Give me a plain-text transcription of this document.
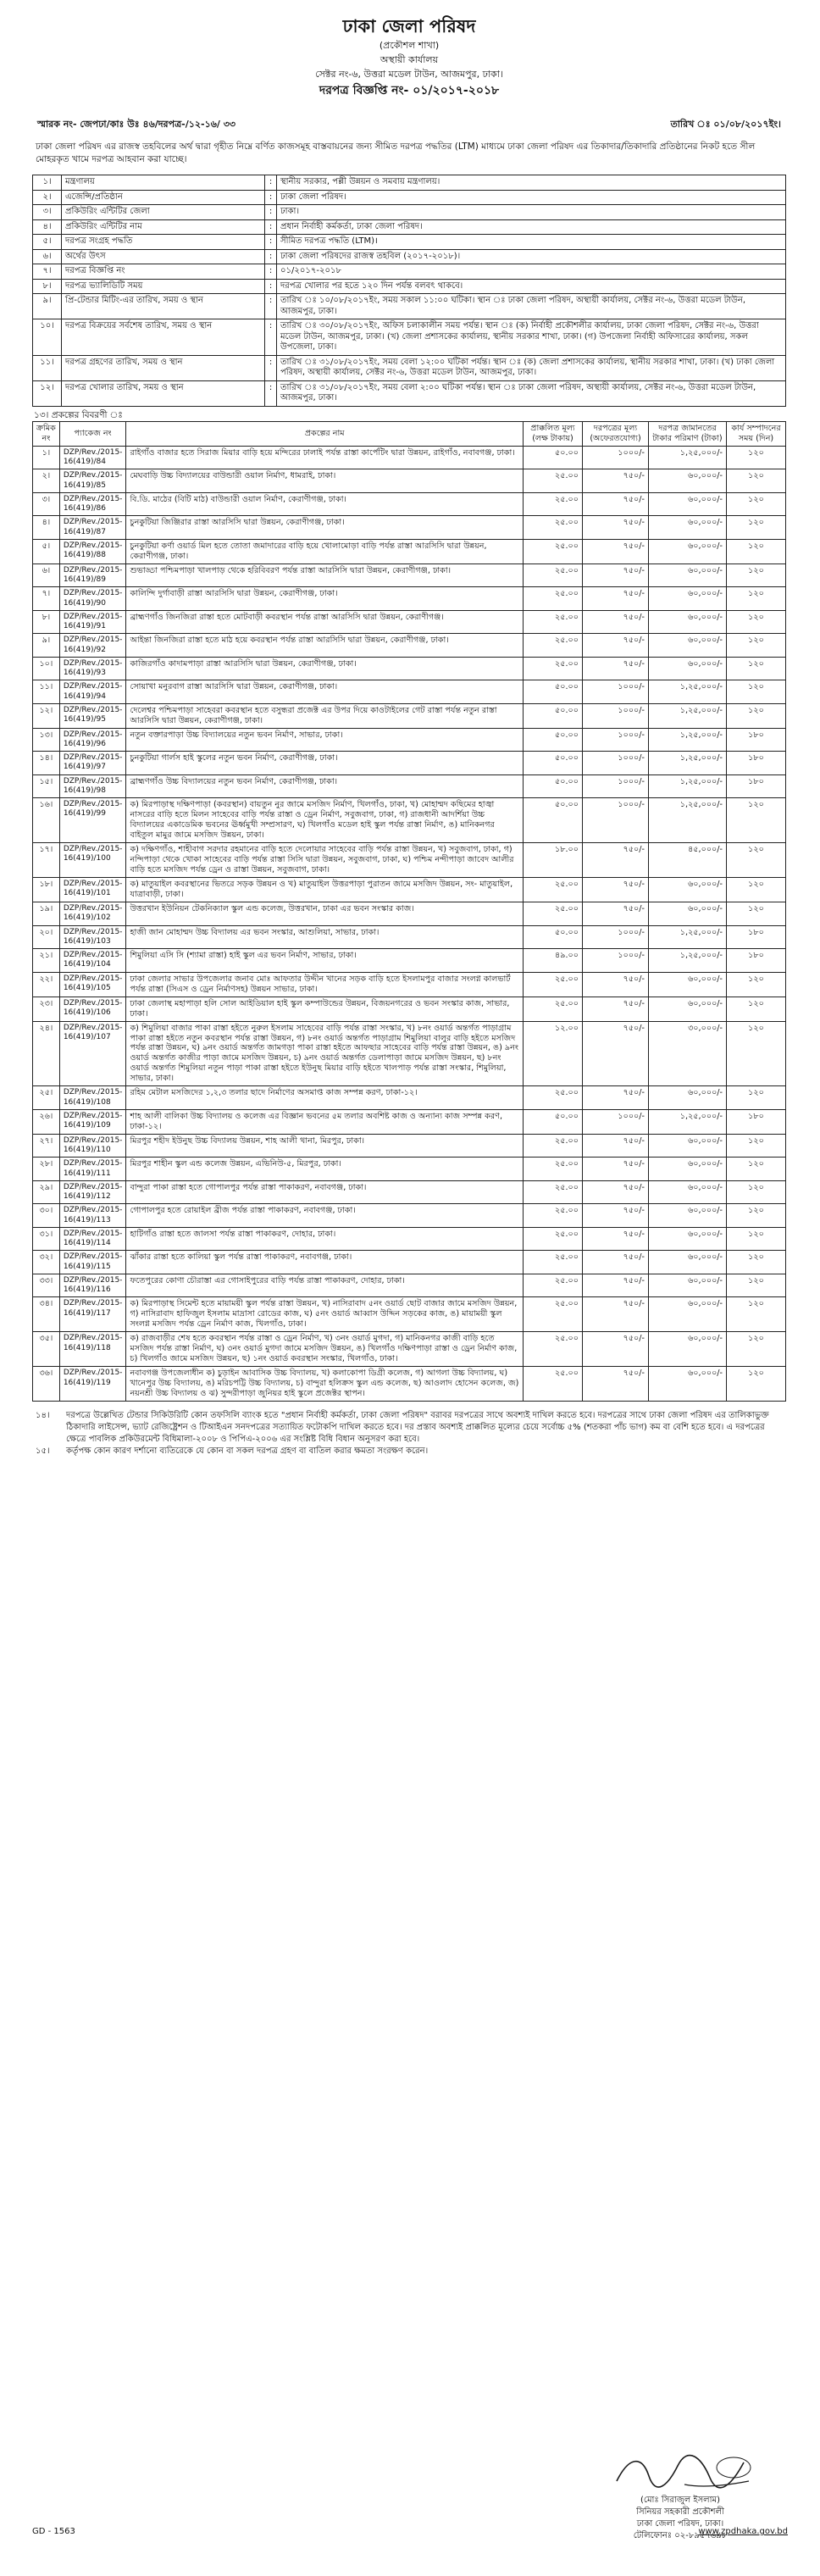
ঢাকা জেলা পরিষদ
(প্রকৌশল শাখা)
অস্থায়ী কার্যালয়
সেক্টর নং-৬, উত্তরা মডেল টাউন, আজমপুর, ঢাকা।
দরপত্র বিজ্ঞপ্তি নং- ০১/২০১৭-২০১৮
স্মারক নং- জেপঢা/কাঃ উঃ ৪৬/দরপত্র-/১২-১৬/ ৩৩	তারিখ ঃ ০১/০৮/২০১৭ইং।
ঢাকা জেলা পরিষদ এর রাজস্ব তহবিলের অর্থ দ্বারা গৃহীত নিম্নে বর্ণিত কাজসমূহ বাস্তবায়নের জন্য সীমিত দরপত্র পদ্ধতির (LTM) মাধ্যমে ঢাকা জেলা পরিষদ এর তিকাদার/তিকাদারি প্রতিষ্ঠানের নিকট হতে সীল মোহরকৃত খামে দরপত্র আহবান করা যাচ্ছে।
১।	মন্ত্রণালয়	:	স্থানীয় সরকার, পল্লী উন্নয়ন ও সমবায় মন্ত্রণালয়।
২।	এজেন্সি/প্রতিষ্ঠান	:	ঢাকা জেলা পরিষদ।
৩।	প্রকিউরিং এন্টিটির জেলা	:	ঢাকা।
৪।	প্রকিউরিং এন্টিটির নাম	:	প্রধান নির্বাহী কর্মকর্তা, ঢাকা জেলা পরিষদ।
৫।	দরপত্র সংগ্রহ পদ্ধতি	:	সীমিত দরপত্র পদ্ধতি (LTM)।
৬।	অর্থের উৎস	:	ঢাকা জেলা পরিষদের রাজস্ব তহবিল (২০১৭-২০১৮)।
৭।	দরপত্র বিজ্ঞপ্তি নং	:	০১/২০১৭-২০১৮
৮।	দরপত্র ভ্যালিডিটি সময়	:	দরপত্র খোলার পর হতে ১২০ দিন পর্যন্ত বলবৎ থাকবে।
৯।	প্রি-টেন্ডার মিটিং-এর তারিখ, সময় ও স্থান	:	তারিখ ঃ ১০/০৮/২০১৭ইং, সময় সকাল ১১:০০ ঘটিকা। স্থান ঃ ঢাকা জেলা পরিষদ, অস্থায়ী কার্যালয়, সেক্টর নং-৬, উত্তরা মডেল টাউন, আজমপুর, ঢাকা।
১০।	দরপত্র বিক্রয়ের সর্বশেষ তারিখ, সময় ও স্থান	:	তারিখ ঃ ৩০/০৮/২০১৭ইং, অফিস চলাকালীন সময় পর্যন্ত। স্থান ঃ (ক) নির্বাহী প্রকৌশলীর কার্যালয়, ঢাকা জেলা পরিষদ, সেক্টর নং-৬, উত্তরা মডেল টাউন, আজমপুর, ঢাকা। (খ) জেলা প্রশাসকের কার্যালয়, স্থানীয় সরকার শাখা, ঢাকা। (গ) উপজেলা নির্বাহী অফিসারের কার্যালয়, সকল উপজেলা, ঢাকা।
১১।	দরপত্র গ্রহণের তারিখ, সময় ও স্থান	:	তারিখ ঃ ৩১/০৮/২০১৭ইং, সময় বেলা ১২:০০ ঘটিকা পর্যন্ত। স্থান ঃ (ক) জেলা প্রশাসকের কার্যালয়, স্থানীয় সরকার শাখা, ঢাকা। (খ) ঢাকা জেলা পরিষদ, অস্থায়ী কার্যালয়, সেক্টর নং-৬, উত্তরা মডেল টাউন, আজমপুর, ঢাকা।
১২।	দরপত্র খোলার তারিখ, সময় ও স্থান	:	তারিখ ঃ ৩১/০৮/২০১৭ইং, সময় বেলা ২:০০ ঘটিকা পর্যন্ত। স্থান ঃ ঢাকা জেলা পরিষদ, অস্থায়ী কার্যালয়, সেক্টর নং-৬, উত্তরা মডেল টাউন, আজমপুর, ঢাকা।
১৩। প্রকল্পের বিবরণী ঃ
ক্রমিক নং	প্যাকেজ নং	প্রকল্পের নাম	প্রাক্কলিত মূল্য (লক্ষ টাকায়)	দরপত্রের মূল্য (অফেরতযোগ্য)	দরপত্র জামানতের টাকার পরিমাণ (টাকা)	কার্য সম্পাদনের সময় (দিন)
১।	DZP/Rev./2015-16(419)/84	রাইগাঁও বাজার হতে সিরাজ মিয়ার বাড়ি হয়ে মন্দিরের ঢালাই পর্যন্ত রাস্তা কার্পেটিং দ্বারা উন্নয়ন, রাইগাঁও, নবাবগঞ্জ, ঢাকা।	৫০.০০	১০০০/-	১,২৫,০০০/-	১২০
২।	DZP/Rev./2015-16(419)/85	মেঘবাড়ি উচ্চ বিদ্যালয়ের বাউন্ডারী ওয়াল নির্মাণ, ধামরাই, ঢাকা।	২৫.০০	৭৫০/-	৬০,০০০/-	১২০
৩।	DZP/Rev./2015-16(419)/86	বি.ডি. মাঠের (বিটি মাঠ) বাউন্ডারী ওয়াল নির্মাণ, কেরাণীগঞ্জ, ঢাকা।	২৫.০০	৭৫০/-	৬০,০০০/-	১২০
৪।	DZP/Rev./2015-16(419)/87	চুনকুটিয়া জিঞ্জিরার রাস্তা আরসিসি দ্বারা উন্নয়ন, কেরাণীগঞ্জ, ঢাকা।	২৫.০০	৭৫০/-	৬০,০০০/-	১২০
৫।	DZP/Rev./2015-16(419)/88	চুনকুটিয়া কর্ণা ওয়ার্ড মিল হতে তোতা জমাদারের বাড়ি হয়ে খোলামোড়া বাড়ি পর্যন্ত রাস্তা আরসিসি দ্বারা উন্নয়ন, কেরাণীগঞ্জ, ঢাকা।	২৫.০০	৭৫০/-	৬০,০০০/-	১২০
৬।	DZP/Rev./2015-16(419)/89	শুভাড্ডা পশ্চিমপাড়া খালপাড় থেকে হরিবিবরণ পর্যন্ত রাস্তা আরসিসি দ্বারা উন্নয়ন, কেরাণীগঞ্জ, ঢাকা।	২৫.০০	৭৫০/-	৬০,০০০/-	১২০
৭।	DZP/Rev./2015-16(419)/90	কালিন্দি দুর্গাবাড়ী রাস্তা আরসিসি দ্বারা উন্নয়ন, কেরাণীগঞ্জ, ঢাকা।	২৫.০০	৭৫০/-	৬০,০০০/-	১২০
৮।	DZP/Rev./2015-16(419)/91	ব্রাহ্মণগাঁও জিনজিরা রাস্তা হতে মোটবাড়ী কবরস্থান পর্যন্ত রাস্তা আরসিসি দ্বারা উন্নয়ন, কেরাণীগঞ্জ।	২৫.০০	৭৫০/-	৬০,০০০/-	১২০
৯।	DZP/Rev./2015-16(419)/92	আইন্তা জিনজিরা রাস্তা হতে মাঠ হয়ে কবরস্থান পর্যন্ত রাস্তা আরসিসি দ্বারা উন্নয়ন, কেরাণীগঞ্জ, ঢাকা।	২৫.০০	৭৫০/-	৬০,০০০/-	১২০
১০।	DZP/Rev./2015-16(419)/93	কাজিরগাঁও কাদামপাড়া রাস্তা আরসিসি দ্বারা উন্নয়ন, কেরাণীগঞ্জ, ঢাকা।	২৫.০০	৭৫০/-	৬০,০০০/-	১২০
১১।	DZP/Rev./2015-16(419)/94	সোয়াখা মনুরবাগ রাস্তা আরসিসি দ্বারা উন্নয়ন, কেরাণীগঞ্জ, ঢাকা।	৫০.০০	১০০০/-	১,২৫,০০০/-	১২০
১২।	DZP/Rev./2015-16(419)/95	দেলেশ্বর পশ্চিমপাড়া সাহেবরা কবরস্থান হতে বসুন্ধরা প্রজেক্ট এর উপর দিয়ে কাওটাইলের গেট রাস্তা পর্যন্ত নতুন রাস্তা আরসিসি দ্বারা উন্নয়ন, কেরাণীগঞ্জ, ঢাকা।	৫০.০০	১০০০/-	১,২৫,০০০/-	১২০
১৩।	DZP/Rev./2015-16(419)/96	নতুন বক্তারপাড়া উচ্চ বিদ্যালয়ের নতুন ভবন নির্মাণ, সাভার, ঢাকা।	৫০.০০	১০০০/-	১,২৫,০০০/-	১৮০
১৪।	DZP/Rev./2015-16(419)/97	চুনকুটিয়া গার্লস হাই স্কুলের নতুন ভবন নির্মাণ, কেরাণীগঞ্জ, ঢাকা।	৫০.০০	১০০০/-	১,২৫,০০০/-	১৮০
১৫।	DZP/Rev./2015-16(419)/98	ব্রাহ্মণগাঁও উচ্চ বিদ্যালয়ের নতুন ভবন নির্মাণ, কেরাণীগঞ্জ, ঢাকা।	৫০.০০	১০০০/-	১,২৫,০০০/-	১৮০
১৬।	DZP/Rev./2015-16(419)/99	ক) মিরপাড়াস্থ দক্ষিণপাড়া (কবরস্থান) বায়তুন নুর জামে মসজিদ নির্মাণ, খিলগাঁও, ঢাকা, খ) মোহাম্মদ কছিমের হাজ্বা নাসরের বাড়ি হতে মিলন সাহেবের বাড়ি পর্যন্ত রাস্তা ও ড্রেন নির্মাণ, সবুজবাগ, ঢাকা, গ) রাজধানী আদর্শিয়া উচ্চ বিদ্যালয়ের একাডেমিক ভবনের ঊর্ধ্বমুখী সম্প্রসারণ, ঘ) খিলগাঁও মডেল হাই স্কুল পর্যন্ত রাস্তা নির্মাণ, ঙ) মানিকনগর বাইতুল মামুর জামে মসজিদ উন্নয়ন, ঢাকা।	৫০.০০	১০০০/-	১,২৫,০০০/-	১২০
১৭।	DZP/Rev./2015-16(419)/100	ক) দক্ষিণগাঁও, শাহীবাগ সরদার রহমানের বাড়ি হতে দেলোয়ার সাহেবের বাড়ি পর্যন্ত রাস্তা উন্নয়ন, খ) সবুজবাগ, ঢাকা, গ) নন্দিপাড়া থেকে খোকা সাহেবের বাড়ি পর্যন্ত রাস্তা সিসি দ্বারা উন্নয়ন, সবুজবাগ, ঢাকা, ঘ) পশ্চিম নন্দীপাড়া জাবেদ আলীর বাড়ি হতে মসজিদ পর্যন্ত ড্রেন ও রাস্তা উন্নয়ন, সবুজবাগ, ঢাকা।	১৮.০০	৭৫০/-	৪৫,০০০/-	১২০
১৮।	DZP/Rev./2015-16(419)/101	ক) মাতুয়াইল কবরস্থানের ভিতরে সড়ক উন্নয়ন ও খ) মাতুয়াইল উত্তরপাড়া পুরাতন জামে মসজিদ উন্নয়ন, সং- মাতুয়াইল, যাত্রাবাড়ী, ঢাকা।	২৫.০০	৭৫০/-	৬০,০০০/-	১২০
১৯।	DZP/Rev./2015-16(419)/102	উত্তরখান ইউনিয়ন টেকনিক্যাল স্কুল এন্ড কলেজ, উত্তরখান, ঢাকা এর ভবন সংস্কার কাজ।	২৫.০০	৭৫০/-	৬০,০০০/-	১২০
২০।	DZP/Rev./2015-16(419)/103	হাজী জান মোহাম্মদ উচ্চ বিদ্যালয় এর ভবন সংস্কার, আশুলিয়া, সাভার, ঢাকা।	৫০.০০	১০০০/-	১,২৫,০০০/-	১৮০
২১।	DZP/Rev./2015-16(419)/104	শিমুলিয়া এসি সি (শ্যামা রাস্তা) হাই স্কুল এর ভবন নির্মাণ, সাভার, ঢাকা।	৪৯.০০	১০০০/-	১,২৫,০০০/-	১৮০
২২।	DZP/Rev./2015-16(419)/105	ঢাকা জেলার সাভার উপজেলার জনাব মোঃ আফতার উদ্দীন খানের সড়ক বাড়ি হতে ইসলামপুর বাজার সংলগ্ন কালভার্ট পর্যন্ত রাস্তা (সিএস ও ড্রেন নির্মাণসহ) উন্নয়ন সাভার, ঢাকা।	২৫.০০	৭৫০/-	৬০,০০০/-	১২০
২৩।	DZP/Rev./2015-16(419)/106	ঢাকা জেলাস্থ মহাপাড়া হলি সোল আইডিয়াল হাই স্কুল কম্পাউন্ডের উন্নয়ন, বিজয়নগরের ও ভবন সংস্কার কাজ, সাভার, ঢাকা।	২৫.০০	৭৫০/-	৬০,০০০/-	১২০
২৪।	DZP/Rev./2015-16(419)/107	ক) শিমুলিয়া বাজার পাকা রাস্তা হইতে নুরুল ইসলাম সাহেবের বাড়ি পর্যন্ত রাস্তা সংস্কার, খ) ৮নং ওয়ার্ড অন্তর্গত পাড়াগ্রাম পাকা রাস্তা হইতে নতুন কবরস্থান পর্যন্ত রাস্তা উন্নয়ন, গ) ৮নং ওয়ার্ড অন্তর্গত পাড়াগ্রাম শিমুলিয়া বালুর বাড়ি হইতে মসজিদ পর্যন্ত রাস্তা উন্নয়ন, ঘ) ৯নং ওয়ার্ড অন্তর্গত জামগড়া পাকা রাস্তা হইতে আফছার সাহেবের বাড়ি পর্যন্ত রাস্তা উন্নয়ন, ঙ) ৯নং ওয়ার্ড অন্তর্গত কাজীর পাড়া জামে মসজিদ উন্নয়ন, চ) ৯নং ওয়ার্ড অন্তর্গত ডেলাপাড়া জামে মসজিদ উন্নয়ন, ছ) ৮নং ওয়ার্ড অন্তর্গত শিমুলিয়া নতুন পাড়া পাকা রাস্তা হইতে ইউনুছ মিয়ার বাড়ি হইতে খালপাড় পর্যন্ত রাস্তা সংস্কার, শিমুলিয়া, সাভার, ঢাকা।	১২.০০	৭৫০/-	৩০,০০০/-	১২০
২৫।	DZP/Rev./2015-16(419)/108	রহিম মেটাল মসজিদের ১,২,৩ তলার ছাদে নির্মাণের অসমাপ্ত কাজ সম্পন্ন করণ, ঢাকা-১২।	২৫.০০	৭৫০/-	৬০,০০০/-	১২০
২৬।	DZP/Rev./2015-16(419)/109	শাহ আলী বালিকা উচ্চ বিদ্যালয় ও কলেজ এর বিজ্ঞান ভবনের ৫ম তলার অবশিষ্ট কাজ ও অন্যান্য কাজ সম্পন্ন করণ, ঢাকা-১২।	৫০.০০	১০০০/-	১,২৫,০০০/-	১৮০
২৭।	DZP/Rev./2015-16(419)/110	মিরপুর শহীদ ইউনুছ উচ্চ বিদ্যালয় উন্নয়ন, শাহ আলী থানা, মিরপুর, ঢাকা।	২৫.০০	৭৫০/-	৬০,০০০/-	১২০
২৮।	DZP/Rev./2015-16(419)/111	মিরপুর শাহীন স্কুল এন্ড কলেজ উন্নয়ন, এভিনিউ-৫, মিরপুর, ঢাকা।	২৫.০০	৭৫০/-	৬০,০০০/-	১২০
২৯।	DZP/Rev./2015-16(419)/112	বান্দুরা পাকা রাস্তা হতে গোপালপুর পর্যন্ত রাস্তা পাকাকরণ, নবাবগঞ্জ, ঢাকা।	২৫.০০	৭৫০/-	৬০,০০০/-	১২০
৩০।	DZP/Rev./2015-16(419)/113	গোপালপুর হতে রোয়াইল ব্রীজ পর্যন্ত রাস্তা পাকাকরণ, নবাবগঞ্জ, ঢাকা।	২৫.০০	৭৫০/-	৬০,০০০/-	১২০
৩১।	DZP/Rev./2015-16(419)/114	হাটিগাঁও রাস্তা হতে জালসা পর্যন্ত রাস্তা পাকাকরণ, দোহার, ঢাকা।	২৫.০০	৭৫০/-	৬০,০০০/-	১২০
৩২।	DZP/Rev./2015-16(419)/115	ঝাঁকার রাস্তা হতে কালিয়া স্কুল পর্যন্ত রাস্তা পাকাকরণ, নবাবগঞ্জ, ঢাকা।	২৫.০০	৭৫০/-	৬০,০০০/-	১২০
৩৩।	DZP/Rev./2015-16(419)/116	ফতেপুরের কোণা চৌরাস্তা এর গোসাইপুরের বাড়ি পর্যন্ত রাস্তা পাকাকরণ, দোহার, ঢাকা।	২৫.০০	৭৫০/-	৬০,০০০/-	১২০
৩৪।	DZP/Rev./2015-16(419)/117	ক) মিরপাড়াস্থ সিমেন্ট হতে মায়াময়ী স্কুল পর্যন্ত রাস্তা উন্নয়ন, খ) নাসিরাবাদ ৫নং ওয়ার্ড ছোট বাজার জামে মসজিদ উন্নয়ন, গ) নাসিরাবাদ হাফিজুল ইসলাম মাদ্রাসা রোডের কাজ, ঘ) ৫নং ওয়ার্ড আব্বাস উদ্দিন সড়কের কাজ, ঙ) মায়াময়ী স্কুল সংলগ্ন মসজিদ পর্যন্ত ড্রেন নির্মাণ কাজ, খিলগাঁও, ঢাকা।	২৫.০০	৭৫০/-	৬০,০০০/-	১২০
৩৫।	DZP/Rev./2015-16(419)/118	ক) রাজবাড়ীর শেষ হতে কবরস্থান পর্যন্ত রাস্তা ও ড্রেন নির্মাণ, খ) ৩নং ওয়ার্ড মুগদা, গ) মানিকনগর কাজী বাড়ি হতে মসজিদ পর্যন্ত রাস্তা নির্মাণ, ঘ) ৩নং ওয়ার্ড মুগদা জামে মসজিদ উন্নয়ন, ঙ) খিলগাঁও দক্ষিণপাড়া রাস্তা ও ড্রেন নির্মাণ কাজ, চ) খিলগাঁও জামে মসজিদ উন্নয়ন, ছ) ১নং ওয়ার্ড কবরস্থান সংস্কার, খিলগাঁও, ঢাকা।	২৫.০০	৭৫০/-	৬০,০০০/-	১২০
৩৬।	DZP/Rev./2015-16(419)/119	নবাবগঞ্জ উপজেলাধীন ক) চুড়াইন আবাসিক উচ্চ বিদ্যালয়, খ) কলাকোপা ডিগ্রী কলেজ, গ) আগলা উচ্চ বিদ্যালয়, ঘ) খানেপুর উচ্চ বিদ্যালয়, ঙ) মরিচপট্টি উচ্চ বিদ্যালয়, চ) বান্দুরা হলিক্রস স্কুল এন্ড কলেজ, ছ) আওলাদ হোসেন কলেজ, জ) নয়নশ্রী উচ্চ বিদ্যালয় ও ঝ) সুন্দরীপাড়া জুনিয়র হাই স্কুলে প্রজেক্টর স্থাপন।	২৫.০০	৭৫০/-	৬০,০০০/-	১২০
১৪।	দরপত্রে উল্লেখিত টেন্ডার সিকিউরিটি কোন তফসিলি ব্যাংক হতে "প্রধান নির্বাহী কর্মকর্তা, ঢাকা জেলা পরিষদ" বরাবর দরপত্রের সাথে অবশ্যই দাখিল করতে হবে। দরপত্রের সাথে ঢাকা জেলা পরিষদ এর তালিকাভুক্ত ঠিকাদারি লাইসেন্স, ভ্যাট রেজিষ্ট্রেশন ও টিআইএন সনদপত্রের সত্যায়িত ফটোকপি দাখিল করতে হবে। দর প্রস্তাব অবশ্যই প্রাক্কলিত মূল্যের চেয়ে সর্বোচ্চ ৫% (শতকরা পাঁচ ভাগ) কম বা বেশি হতে হবে। এ দরপত্রের ক্ষেত্রে পাবলিক প্রকিউরমেন্ট বিধিমালা-২০০৮ ও পিপিএ-২০০৬ এর সংশ্লিষ্ট বিধি বিধান অনুসরণ করা হবে।
১৫।	কর্তৃপক্ষ কোন কারণ দর্শানো ব্যতিরেকে যে কোন বা সকল দরপত্র গ্রহণ বা বাতিল করার ক্ষমতা সংরক্ষণ করেন।
(মোঃ সিরাজুল ইসলাম)
সিনিয়র সহকারী প্রকৌশলী
ঢাকা জেলা পরিষদ, ঢাকা।
টেলিফোনঃ ০২-৮৯৫৭৬৯৮
GD - 1563	www.zpdhaka.gov.bd
